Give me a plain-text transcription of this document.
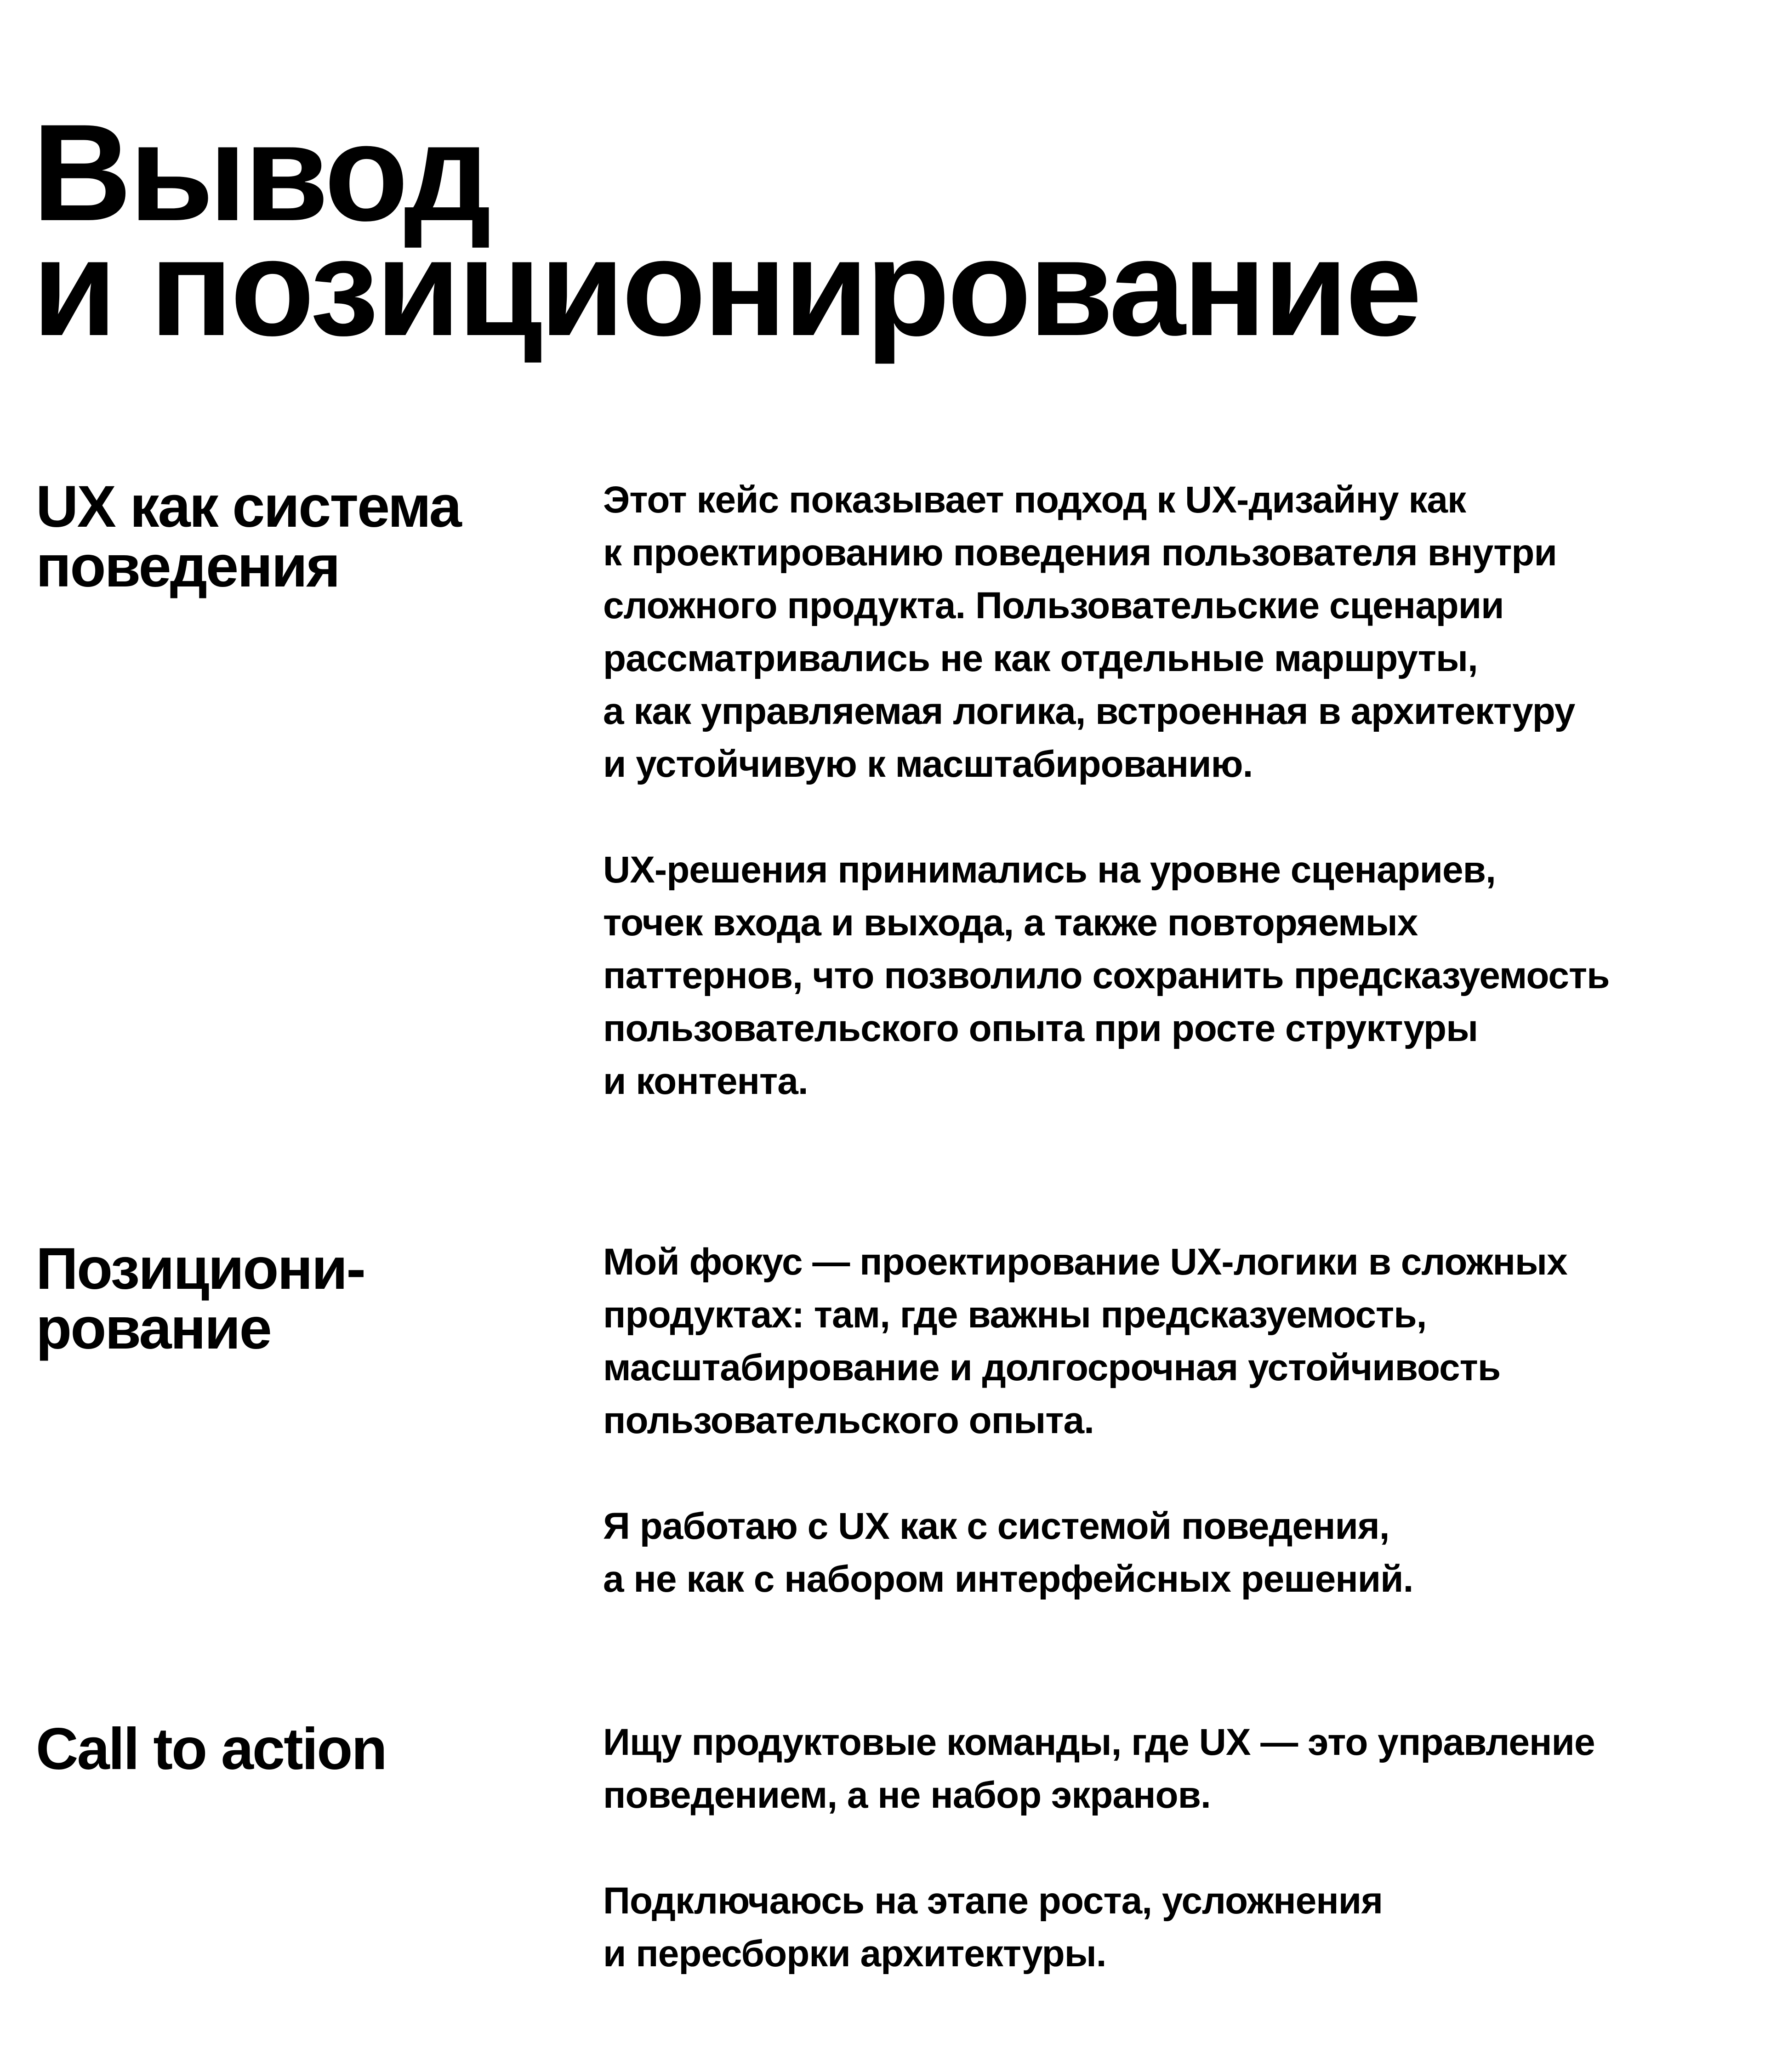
Вывод
и позиционирование
UX как система
поведения

Этот кейс показывает подход к UX-дизайну как
к проектированию поведения пользователя внутри
сложного продукта. Пользовательские сценарии
рассматривались не как отдельные маршруты,
а как управляемая логика, встроенная в архитектуру
и устойчивую к масштабированию.

UX-решения принимались на уровне сценариев,
точек входа и выхода, а также повторяемых
паттернов, что позволило сохранить предсказуемость
пользовательского опыта при росте структуры
и контента.

Позициони-
рование

Мой фокус — проектирование UX-логики в сложных
продуктах: там, где важны предсказуемость,
масштабирование и долгосрочная устойчивость
пользовательского опыта.

Я работаю с UX как с системой поведения,
а не как с набором интерфейсных решений.

Call to action	Ищу продуктовые команды, где UX — это управление
поведением, а не набор экранов.

Подключаюсь на этапе роста, усложнения
и пересборки архитектуры.
